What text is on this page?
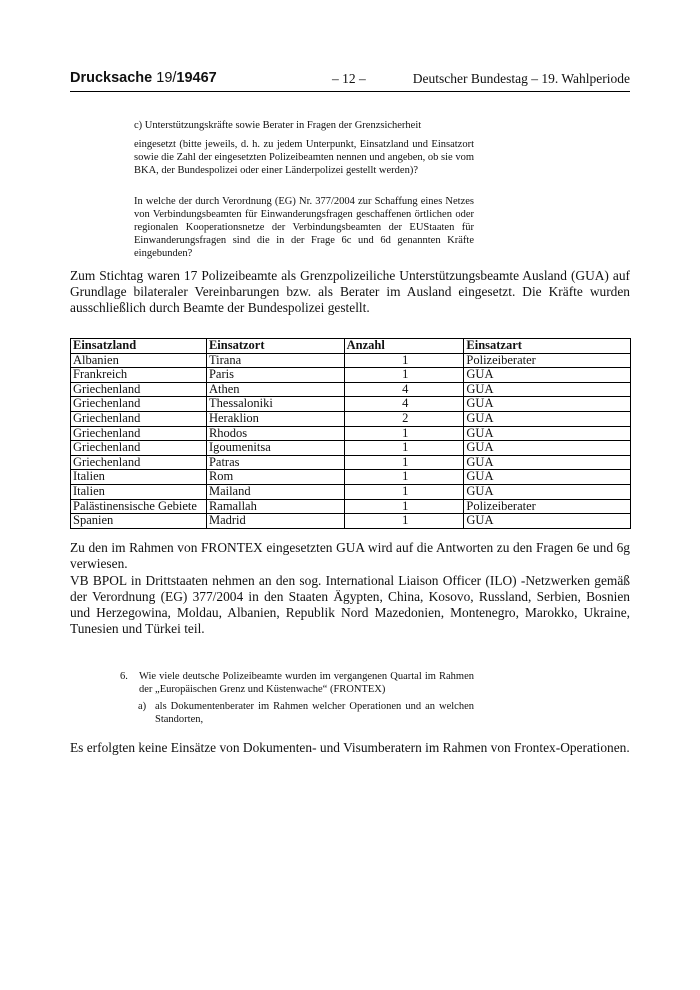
Drucksache 19/19467	– 12 –	Deutscher Bundestag – 19. Wahlperiode
c) Unterstützungskräfte sowie Berater in Fragen der Grenzsicherheit
eingesetzt (bitte jeweils, d. h. zu jedem Unterpunkt, Einsatzland und Einsatzort sowie die Zahl der eingesetzten Polizeibeamten nennen und angeben, ob sie vom BKA, der Bundespolizei oder einer Länderpolizei gestellt werden)?
In welche der durch Verordnung (EG) Nr. 377/2004 zur Schaffung eines Netzes von Verbindungsbeamten für Einwanderungsfragen geschaffenen örtlichen oder regionalen Kooperationsnetze der Verbindungsbeamten der EUStaaten für Einwanderungsfragen sind die in der Frage 6c und 6d genannten Kräfte eingebunden?
Zum Stichtag waren 17 Polizeibeamte als Grenzpolizeiliche Unterstützungsbeamte Ausland (GUA) auf Grundlage bilateraler Vereinbarungen bzw. als Berater im Ausland eingesetzt. Die Kräfte wurden ausschließlich durch Beamte der Bundespolizei gestellt.
Einsatzland	Einsatzort	Anzahl	Einsatzart
Albanien	Tirana	1	Polizeiberater
Frankreich	Paris	1	GUA
Griechenland	Athen	4	GUA
Griechenland	Thessaloniki	4	GUA
Griechenland	Heraklion	2	GUA
Griechenland	Rhodos	1	GUA
Griechenland	Igoumenitsa	1	GUA
Griechenland	Patras	1	GUA
Italien	Rom	1	GUA
Italien	Mailand	1	GUA
Palästinensische Gebiete	Ramallah	1	Polizeiberater
Spanien	Madrid	1	GUA
Zu den im Rahmen von FRONTEX eingesetzten GUA wird auf die Antworten zu den Fragen 6e und 6g verwiesen.
VB BPOL in Drittstaaten nehmen an den sog. International Liaison Officer (ILO) -Netzwerken gemäß der Verordnung (EG) 377/2004 in den Staaten Ägypten, China, Kosovo, Russland, Serbien, Bosnien und Herzegowina, Moldau, Albanien, Republik Nord Mazedonien, Montenegro, Marokko, Ukraine, Tunesien und Türkei teil.
6.	Wie viele deutsche Polizeibeamte wurden im vergangenen Quartal im Rahmen der „Europäischen Grenz und Küstenwache“ (FRONTEX)
a) als Dokumentenberater im Rahmen welcher Operationen und an welchen Standorten,
Es erfolgten keine Einsätze von Dokumenten- und Visumberatern im Rahmen von Frontex-Operationen.
